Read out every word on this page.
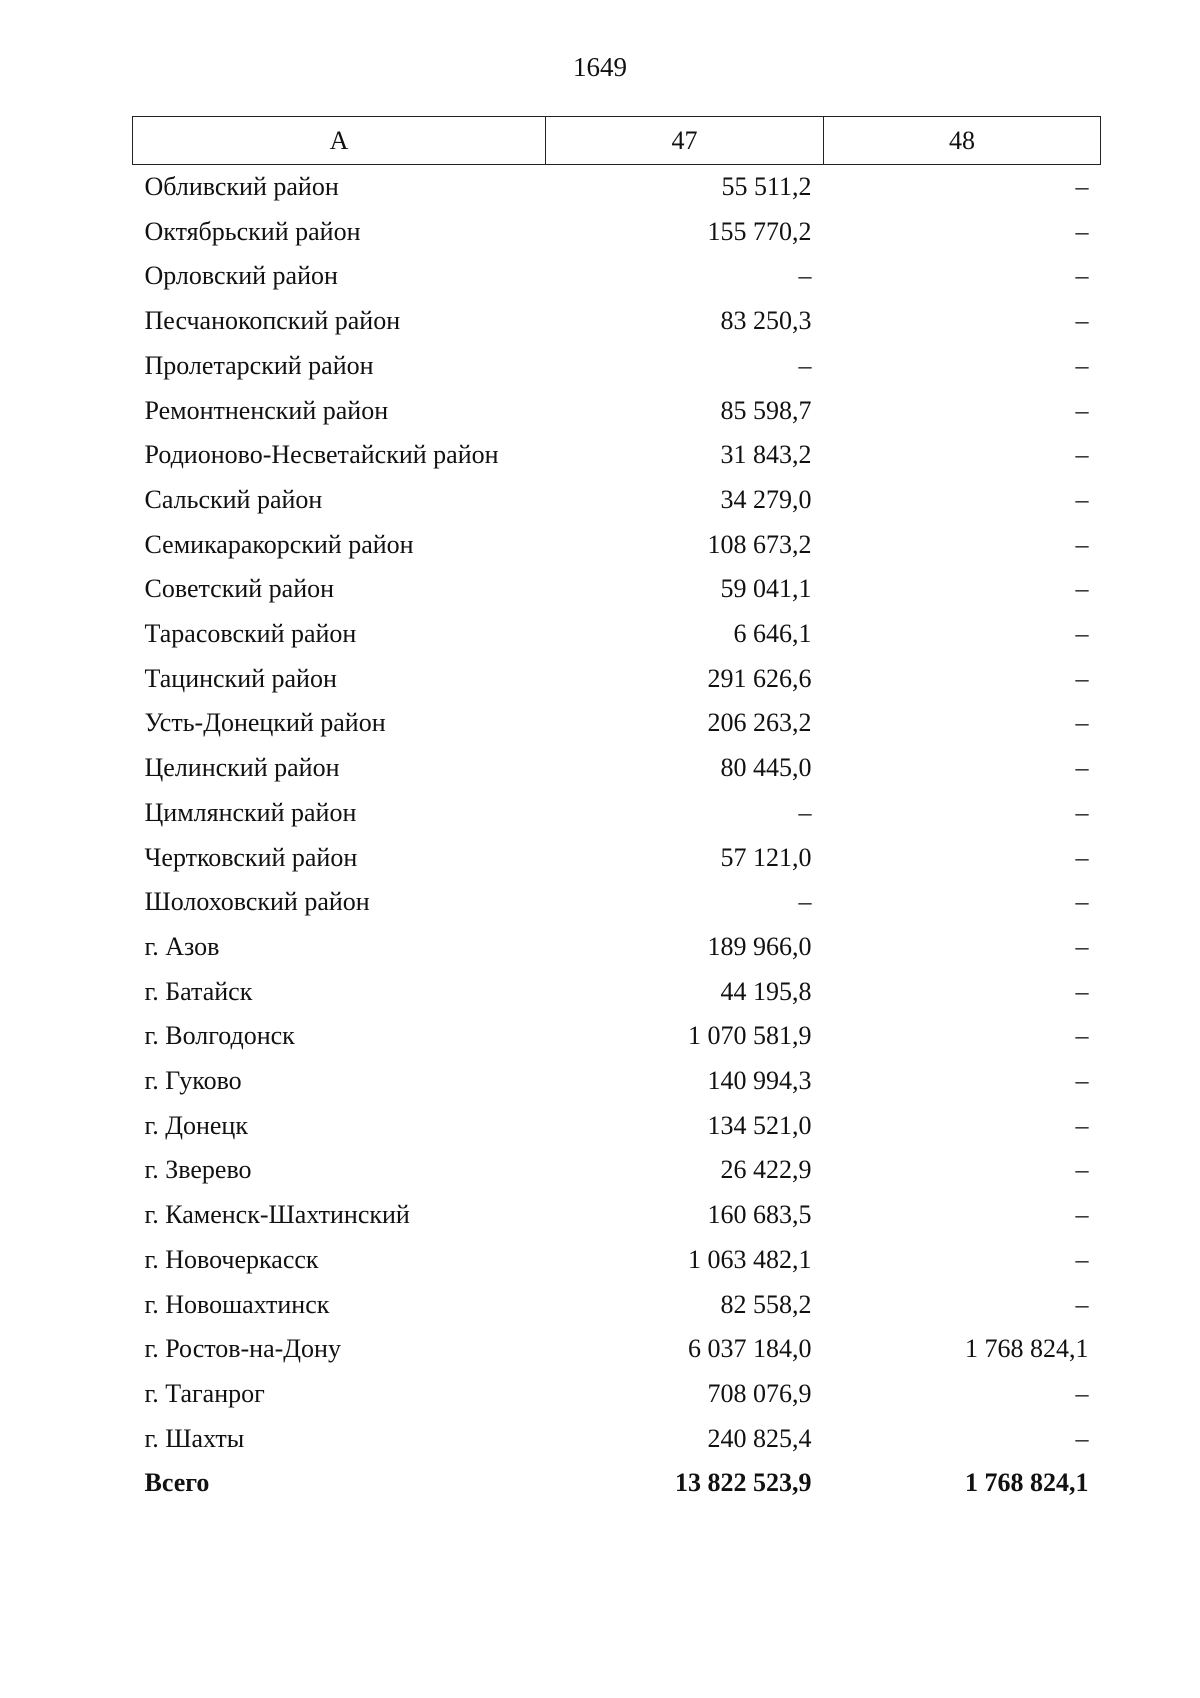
1649
А	47	48
Обливский район	55 511,2	–
Октябрьский район	155 770,2	–
Орловский район	–	–
Песчанокопский район	83 250,3	–
Пролетарский район	–	–
Ремонтненский район	85 598,7	–
Родионово-Несветайский район	31 843,2	–
Сальский район	34 279,0	–
Семикаракорский район	108 673,2	–
Советский район	59 041,1	–
Тарасовский район	6 646,1	–
Тацинский район	291 626,6	–
Усть-Донецкий район	206 263,2	–
Целинский район	80 445,0	–
Цимлянский район	–	–
Чертковский район	57 121,0	–
Шолоховский район	–	–
г. Азов	189 966,0	–
г. Батайск	44 195,8	–
г. Волгодонск	1 070 581,9	–
г. Гуково	140 994,3	–
г. Донецк	134 521,0	–
г. Зверево	26 422,9	–
г. Каменск-Шахтинский	160 683,5	–
г. Новочеркасск	1 063 482,1	–
г. Новошахтинск	82 558,2	–
г. Ростов-на-Дону	6 037 184,0	1 768 824,1
г. Таганрог	708 076,9	–
г. Шахты	240 825,4	–
Всего	13 822 523,9	1 768 824,1
